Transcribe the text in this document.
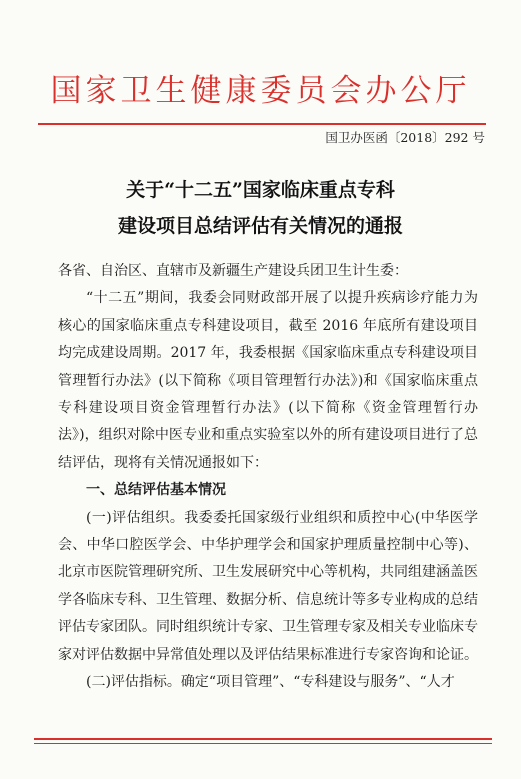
国家卫生健康委员会办公厅
国卫办医函〔2018〕292 号
关于“十二五”国家临床重点专科
建设项目总结评估有关情况的通报

各省、自治区、直辖市及新疆生产建设兵团卫生计生委：

“十二五”期间，我委会同财政部开展了以提升疾病诊疗能力为核心的国家临床重点专科建设项目，截至 2016 年底所有建设项目均完成建设周期。2017 年，我委根据《国家临床重点专科建设项目管理暂行办法》(以下简称《项目管理暂行办法》)和《国家临床重点专科建设项目资金管理暂行办法》(以下简称《资金管理暂行办法》)，组织对除中医专业和重点实验室以外的所有建设项目进行了总结评估，现将有关情况通报如下：

一、总结评估基本情况

(一)评估组织。我委委托国家级行业组织和质控中心(中华医学会、中华口腔医学会、中华护理学会和国家护理质量控制中心等)、北京市医院管理研究所、卫生发展研究中心等机构，共同组建涵盖医学各临床专科、卫生管理、数据分析、信息统计等多专业构成的总结评估专家团队。同时组织统计专家、卫生管理专家及相关专业临床专家对评估数据中异常值处理以及评估结果标准进行专家咨询和论证。

(二)评估指标。确定“项目管理”、“专科建设与服务”、“人才
